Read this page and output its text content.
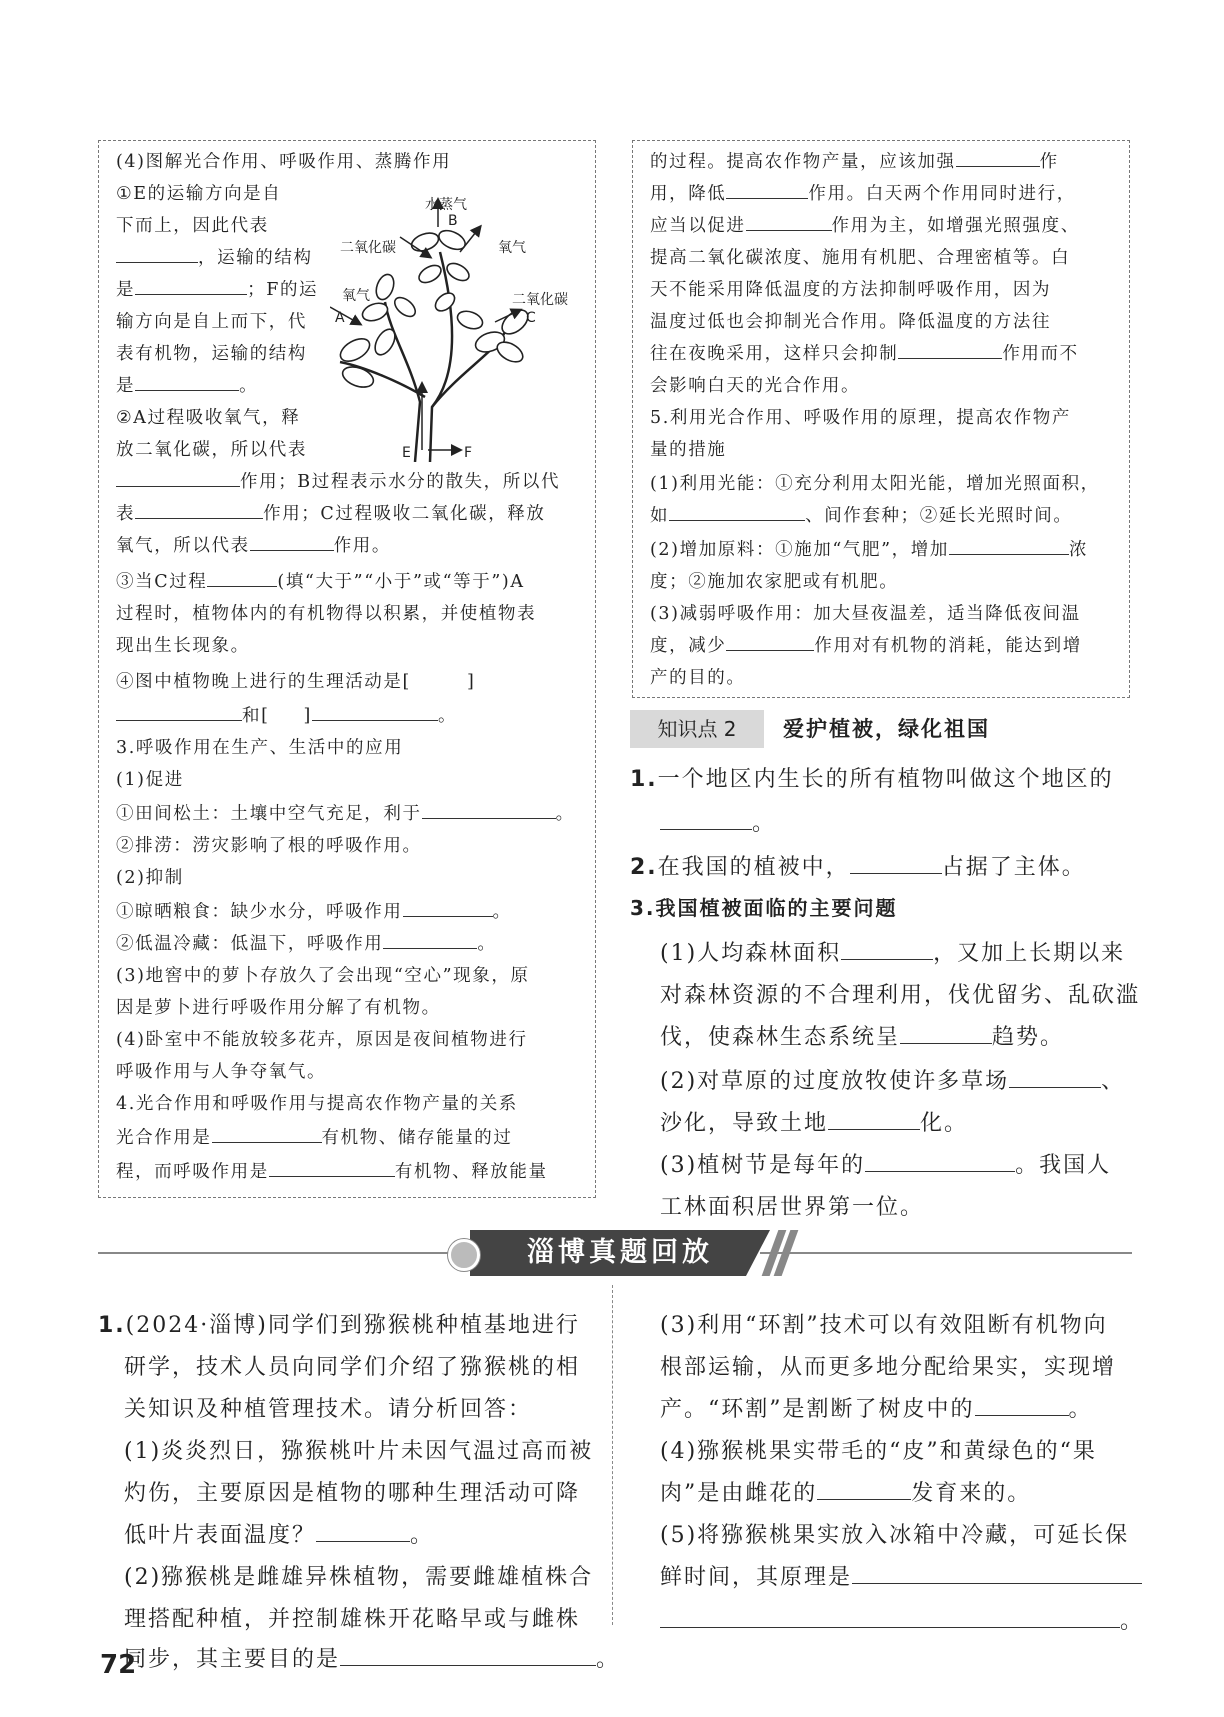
(4)图解光合作用、呼吸作用、蒸腾作用
①E的运输方向是自
下而上，因此代表
，运输的结构
是	；F的运
输方向是自上而下，代
表有机物，运输的结构
是	。
②A过程吸收氧气，释
放二氧化碳，所以代表
作用；B过程表示水分的散失，所以代
表	作用；C过程吸收二氧化碳，释放
氧气，所以代表	作用。
③当C过程	(填“大于”“小于”或“等于”)A
过程时，植物体内的有机物得以积累，并使植物表
现出生长现象。
④图中植物晚上进行的生理活动是[	]
和[ ]	。
3.呼吸作用在生产、生活中的应用
(1)促进
①田间松土：土壤中空气充足，利于	。
②排涝：涝灾影响了根的呼吸作用。
(2)抑制
①晾晒粮食：缺少水分，呼吸作用	。
②低温冷藏：低温下，呼吸作用	。
(3)地窖中的萝卜存放久了会出现“空心”现象，原
因是萝卜进行呼吸作用分解了有机物。
(4)卧室中不能放较多花卉，原因是夜间植物进行
呼吸作用与人争夺氧气。
4.光合作用和呼吸作用与提高农作物产量的关系
光合作用是	有机物、储存能量的过
程，而呼吸作用是	有机物、释放能量
水蒸气
B
二氧化碳	氧气
氧气
A
二氧化碳
C
E	F
的过程。提高农作物产量，应该加强	作
用，降低	作用。白天两个作用同时进行，
应当以促进	作用为主，如增强光照强度、
提高二氧化碳浓度、施用有机肥、合理密植等。白
天不能采用降低温度的方法抑制呼吸作用，因为
温度过低也会抑制光合作用。降低温度的方法往
往在夜晚采用，这样只会抑制	作用而不
会影响白天的光合作用。
5.利用光合作用、呼吸作用的原理，提高农作物产
量的措施
(1)利用光能：①充分利用太阳光能，增加光照面积，
如	、间作套种；②延长光照时间。
(2)增加原料：①施加“气肥”，增加	浓
度；②施加农家肥或有机肥。
(3)减弱呼吸作用：加大昼夜温差，适当降低夜间温
度，减少	作用对有机物的消耗，能达到增
产的目的。
知识点 2	爱护植被，绿化祖国
1.一个地区内生长的所有植物叫做这个地区的
。
2.在我国的植被中，	占据了主体。
3.我国植被面临的主要问题
(1)人均森林面积	，又加上长期以来
对森林资源的不合理利用，伐优留劣、乱砍滥
伐，使森林生态系统呈	趋势。
(2)对草原的过度放牧使许多草场	、
沙化，导致土地	化。
(3)植树节是每年的	。我国人
工林面积居世界第一位。
淄博真题回放
1.(2024·淄博)同学们到猕猴桃种植基地进行
研学，技术人员向同学们介绍了猕猴桃的相
关知识及种植管理技术。请分析回答：
(1)炎炎烈日，猕猴桃叶片未因气温过高而被
灼伤，主要原因是植物的哪种生理活动可降
低叶片表面温度？	。
(2)猕猴桃是雌雄异株植物，需要雌雄植株合
理搭配种植，并控制雄株开花略早或与雌株
同步，其主要目的是	。
(3)利用“环割”技术可以有效阻断有机物向
根部运输，从而更多地分配给果实，实现增
产。“环割”是割断了树皮中的	。
(4)猕猴桃果实带毛的“皮”和黄绿色的“果
肉”是由雌花的	发育来的。
(5)将猕猴桃果实放入冰箱中冷藏，可延长保
鲜时间，其原理是
。
72
